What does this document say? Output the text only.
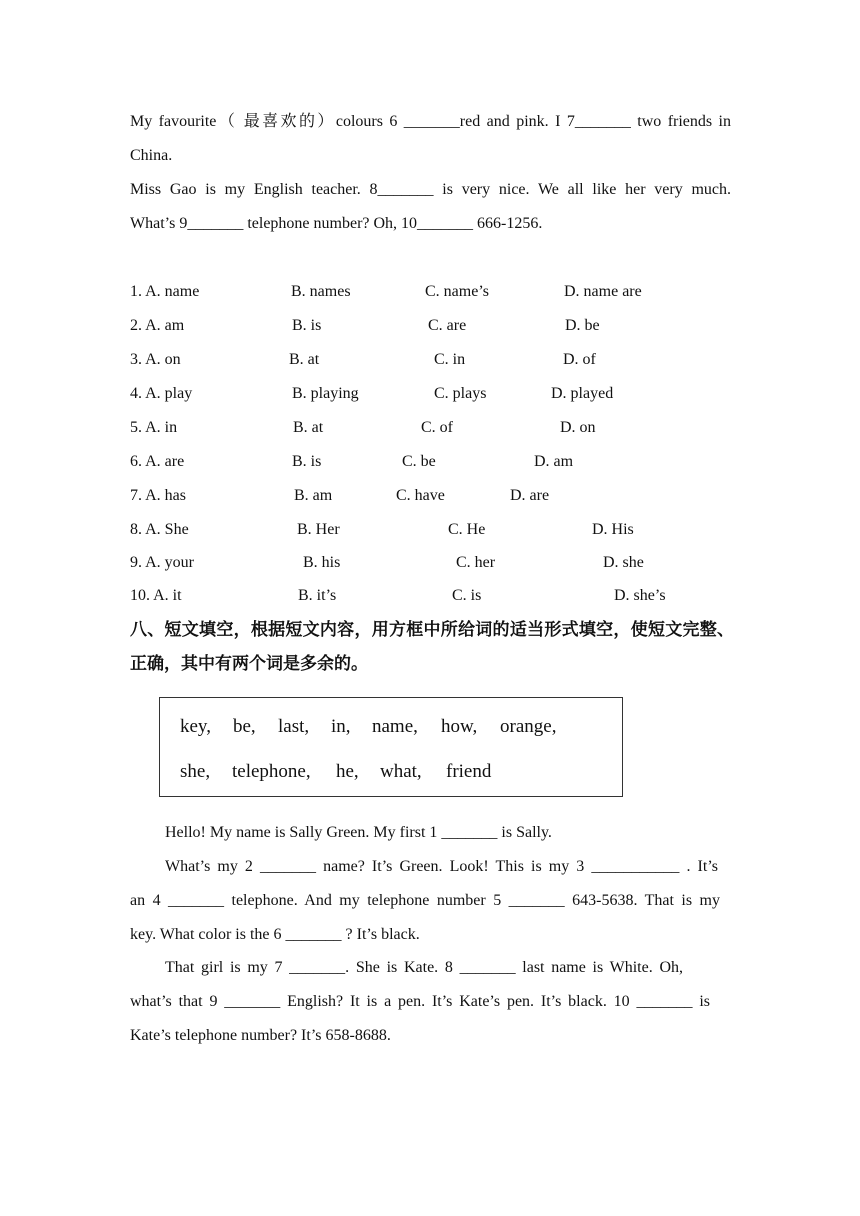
My favourite（ 最喜欢的）colours 6 _______red and pink. I 7_______ two friends in
China.
Miss Gao is my English teacher. 8_______ is very nice. We all like her very much.
What’s 9_______ telephone number? Oh, 10_______ 666-1256.
1. A. name	B. names	C. name’s	D. name are
2. A. am	B. is	C. are	D. be
3. A. on	B. at	C. in	D. of
4. A. play	B. playing	C. plays	D. played
5. A. in	B. at	C. of	D. on
6. A. are	B. is	C. be	D. am
7. A. has	B. am	C. have	D. are
8. A. She	B. Her	C. He	D. His
9. A. your	B. his	C. her	D. she
10. A. it	B. it’s	C. is	D. she’s
八、短文填空，根据短文内容，用方框中所给词的适当形式填空，使短文完整、
正确，其中有两个词是多余的。
key, be, last, in, name, how, orange,
she, telephone, he, what, friend
Hello! My name is Sally Green. My first 1 _______ is Sally.
What’s my 2 _______ name? It’s Green. Look! This is my 3 ___________ . It’s
an 4 _______ telephone. And my telephone number 5 _______ 643-5638. That is my
key. What color is the 6 _______ ? It’s black.
That girl is my 7 _______. She is Kate. 8 _______ last name is White. Oh,
what’s that 9 _______ English? It is a pen. It’s Kate’s pen. It’s black. 10 _______ is
Kate’s telephone number? It’s 658-8688.
